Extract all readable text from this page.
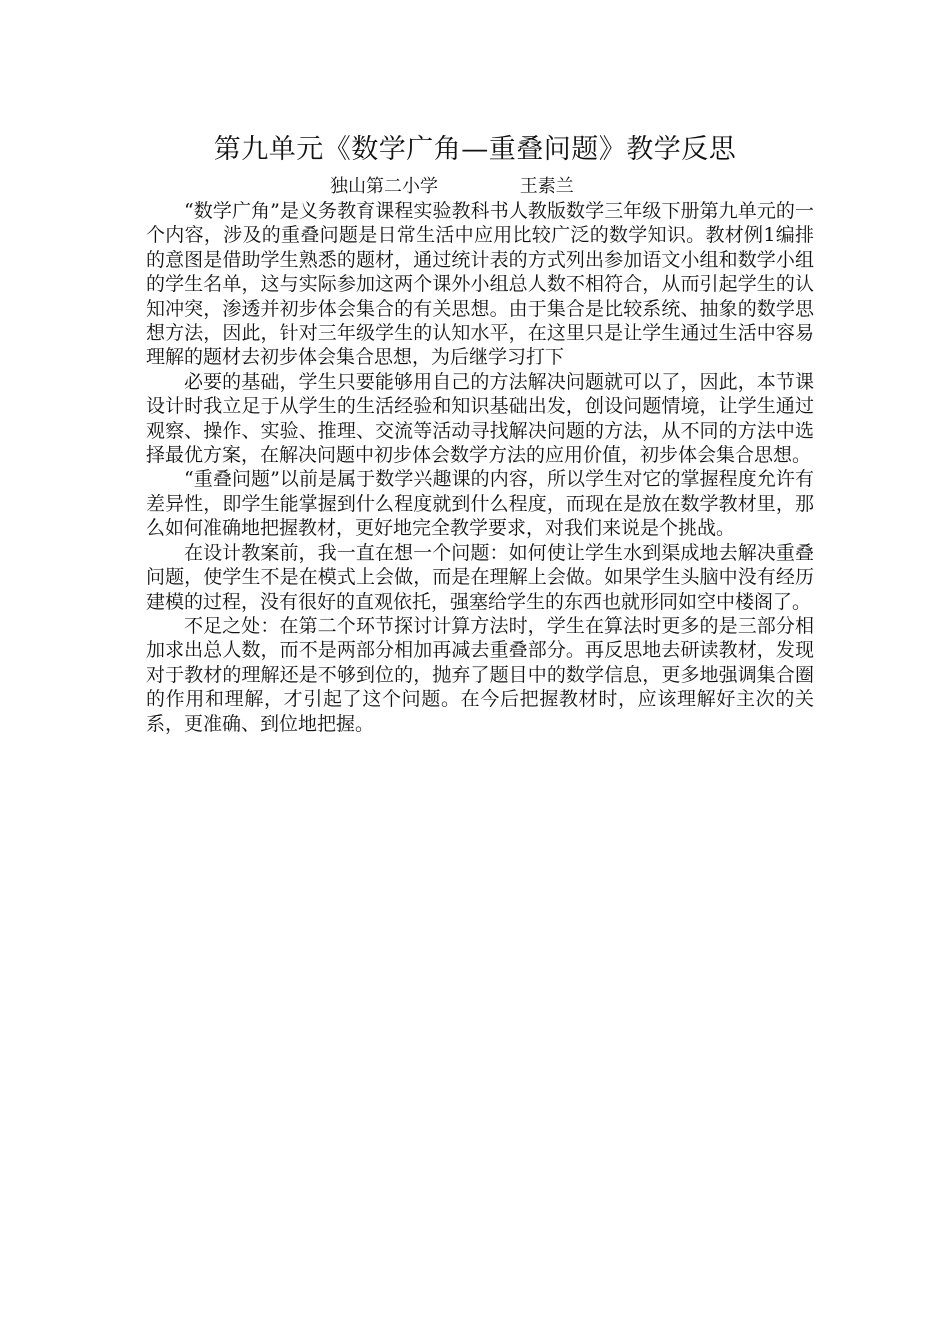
第九单元《数学广角—重叠问题》教学反思
独山第二小学	王素兰

“数学广角”是义务教育课程实验教科书人教版数学三年级下册第九单元的一个内容，涉及的重叠问题是日常生活中应用比较广泛的数学知识。教材例1编排的意图是借助学生熟悉的题材，通过统计表的方式列出参加语文小组和数学小组的学生名单，这与实际参加这两个课外小组总人数不相符合，从而引起学生的认知冲突，渗透并初步体会集合的有关思想。由于集合是比较系统、抽象的数学思想方法，因此，针对三年级学生的认知水平，在这里只是让学生通过生活中容易理解的题材去初步体会集合思想，为后继学习打下

必要的基础，学生只要能够用自己的方法解决问题就可以了，因此，本节课设计时我立足于从学生的生活经验和知识基础出发，创设问题情境，让学生通过观察、操作、实验、推理、交流等活动寻找解决问题的方法，从不同的方法中选择最优方案，在解决问题中初步体会数学方法的应用价值，初步体会集合思想。

“重叠问题”以前是属于数学兴趣课的内容，所以学生对它的掌握程度允许有差异性，即学生能掌握到什么程度就到什么程度，而现在是放在数学教材里，那么如何准确地把握教材，更好地完全教学要求，对我们来说是个挑战。

在设计教案前，我一直在想一个问题：如何使让学生水到渠成地去解决重叠问题，使学生不是在模式上会做，而是在理解上会做。如果学生头脑中没有经历建模的过程，没有很好的直观依托，强塞给学生的东西也就形同如空中楼阁了。

不足之处：在第二个环节探讨计算方法时，学生在算法时更多的是三部分相加求出总人数，而不是两部分相加再减去重叠部分。再反思地去研读教材，发现对于教材的理解还是不够到位的，抛弃了题目中的数学信息，更多地强调集合圈的作用和理解，才引起了这个问题。在今后把握教材时，应该理解好主次的关系，更准确、到位地把握。
